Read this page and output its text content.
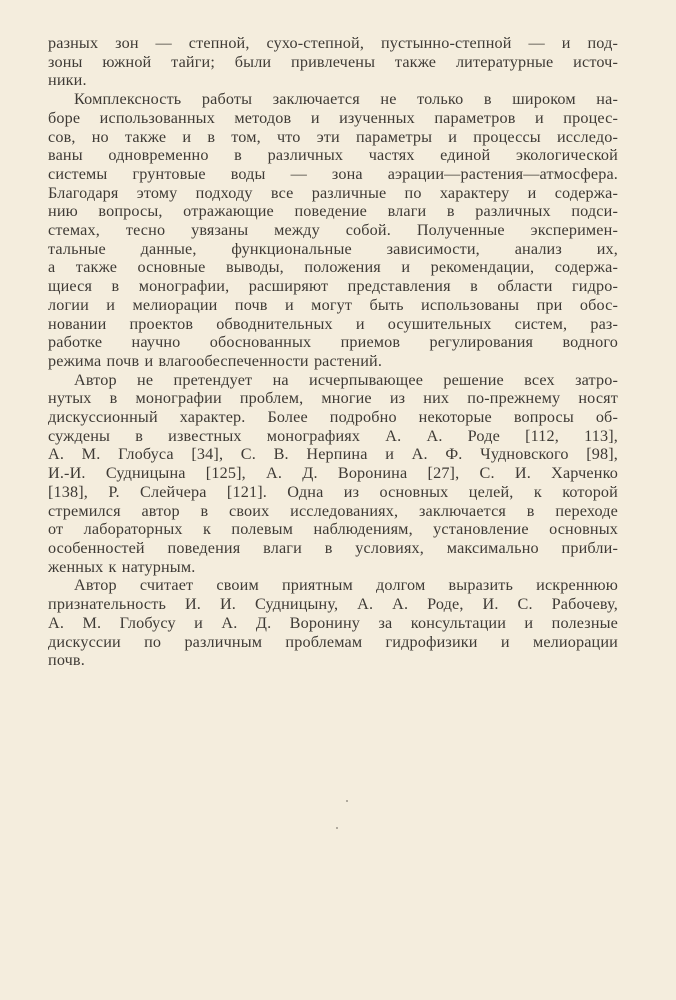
разных зон — степной, сухо-степной, пустынно-степной — и под-
зоны южной тайги; были привлечены также литературные источ-
ники.

Комплексность работы заключается не только в широком на-
боре использованных методов и изученных параметров и процес-
сов, но также и в том, что эти параметры и процессы исследо-
ваны одновременно в различных частях единой экологической
системы грунтовые воды — зона аэрации—растения—атмосфера.
Благодаря этому подходу все различные по характеру и содержа-
нию вопросы, отражающие поведение влаги в различных подси-
стемах, тесно увязаны между собой. Полученные эксперимен-
тальные данные, функциональные зависимости, анализ их,
а также основные выводы, положения и рекомендации, содержа-
щиеся в монографии, расширяют представления в области гидро-
логии и мелиорации почв и могут быть использованы при обос-
новании проектов обводнительных и осушительных систем, раз-
работке научно обоснованных приемов регулирования водного
режима почв и влагообеспеченности растений.

Автор не претендует на исчерпывающее решение всех затро-
нутых в монографии проблем, многие из них по-прежнему носят
дискуссионный характер. Более подробно некоторые вопросы об-
суждены в известных монографиях А. А. Роде [112, 113],
А. М. Глобуса [34], С. В. Нерпина и А. Ф. Чудновского [98],
И.-И. Судницына [125], А. Д. Воронина [27], С. И. Харченко
[138], Р. Слейчера [121]. Одна из основных целей, к которой
стремился автор в своих исследованиях, заключается в переходе
от лабораторных к полевым наблюдениям, установление основных
особенностей поведения влаги в условиях, максимально прибли-
женных к натурным.

Автор считает своим приятным долгом выразить искреннюю
признательность И. И. Судницыну, А. А. Роде, И. С. Рабочеву,
А. М. Глобусу и А. Д. Воронину за консультации и полезные
дискуссии по различным проблемам гидрофизики и мелиорации
почв.
